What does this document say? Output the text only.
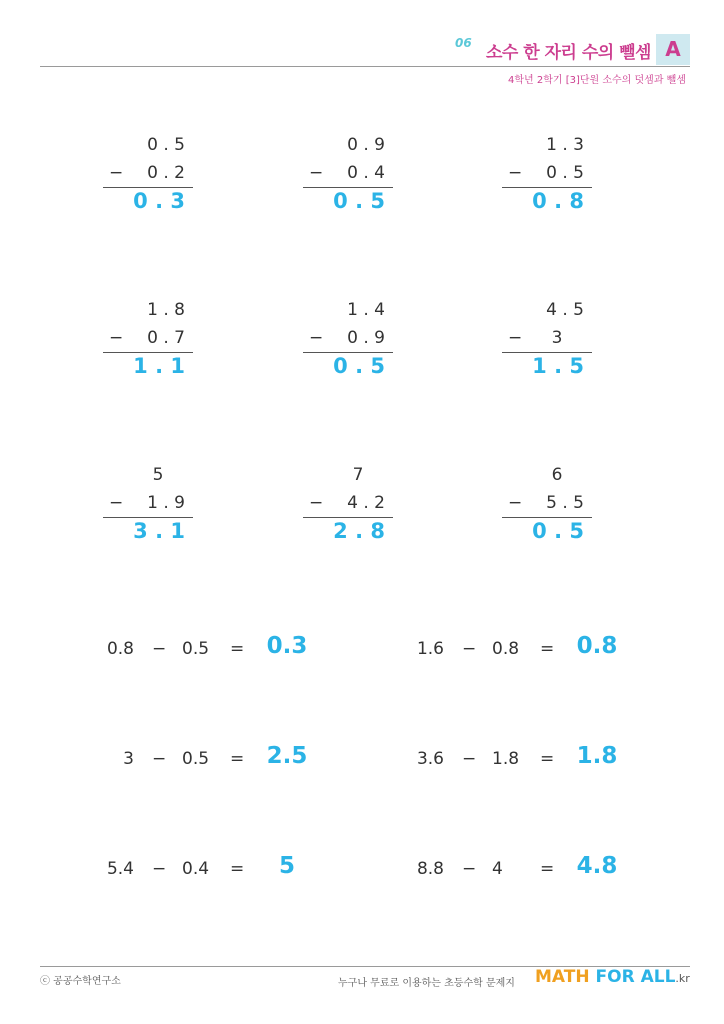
06 소수 한 자리 수의 뺄셈 A
4학년 2학기 [3]단원 소수의 덧셈과 뺄셈
0 . 5
− 0 . 2
0 . 3
0 . 9
− 0 . 4
0 . 5
1 . 3
− 0 . 5
0 . 8
1 . 8
− 0 . 7
1 . 1
1 . 4
− 0 . 9
0 . 5
4 . 5
− 3
1 . 5
5
− 1 . 9
3 . 1
7
− 4 . 2
2 . 8
6
− 5 . 5
0 . 5
0.8 − 0.5 = 0.3	1.6 − 0.8 = 0.8
3 − 0.5 = 2.5	3.6 − 1.8 = 1.8
5.4 − 0.4 =	5	8.8 − 4 = 4.8
ⓒ 공공수학연구소	누구나 무료로 이용하는 초등수학 문제지 MATH FOR ALL.kr
